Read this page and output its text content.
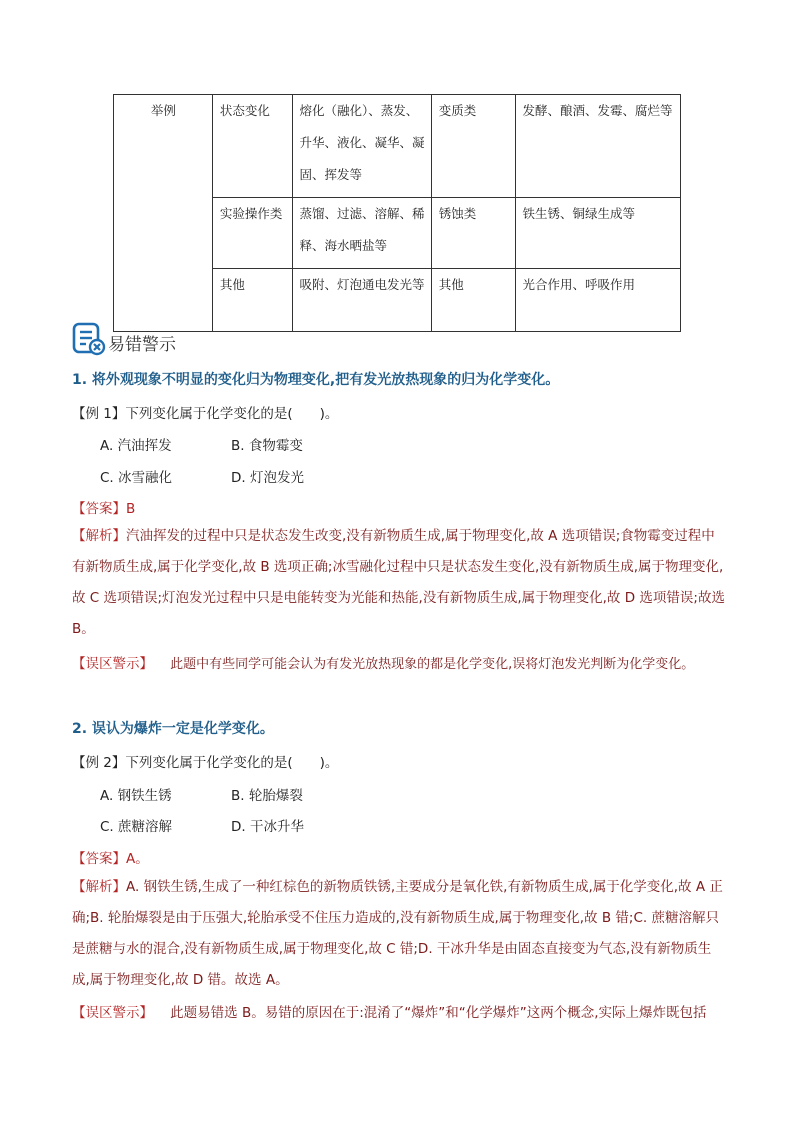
举例	状态变化	熔化（融化）、蒸发、升华、液化、凝华、凝固、挥发等	变质类	发酵、酿酒、发霉、腐烂等
	实验操作类	蒸馏、过滤、溶解、稀释、海水晒盐等	锈蚀类	铁生锈、铜绿生成等
	其他	吸附、灯泡通电发光等	其他	光合作用、呼吸作用
易错警示
1. 将外观现象不明显的变化归为物理变化,把有发光放热现象的归为化学变化。
【例 1】下列变化属于化学变化的是(　　)。
A. 汽油挥发	B. 食物霉变
C. 冰雪融化	D. 灯泡发光
【答案】B
【解析】汽油挥发的过程中只是状态发生改变,没有新物质生成,属于物理变化,故 A 选项错误;食物霉变过程中有新物质生成,属于化学变化,故 B 选项正确;冰雪融化过程中只是状态发生变化,没有新物质生成,属于物理变化,故 C 选项错误;灯泡发光过程中只是电能转变为光能和热能,没有新物质生成,属于物理变化,故 D 选项错误;故选 B。
【误区警示】 此题中有些同学可能会认为有发光放热现象的都是化学变化,误将灯泡发光判断为化学变化。
2. 误认为爆炸一定是化学变化。
【例 2】下列变化属于化学变化的是(　　)。
A. 钢铁生锈	B. 轮胎爆裂
C. 蔗糖溶解	D. 干冰升华
【答案】A。
【解析】A. 钢铁生锈,生成了一种红棕色的新物质铁锈,主要成分是氧化铁,有新物质生成,属于化学变化,故 A 正确;B. 轮胎爆裂是由于压强大,轮胎承受不住压力造成的,没有新物质生成,属于物理变化,故 B 错;C. 蔗糖溶解只是蔗糖与水的混合,没有新物质生成,属于物理变化,故 C 错;D. 干冰升华是由固态直接变为气态,没有新物质生成,属于物理变化,故 D 错。故选 A。
【误区警示】 此题易错选 B。易错的原因在于:混淆了“爆炸”和“化学爆炸”这两个概念,实际上爆炸既包括
